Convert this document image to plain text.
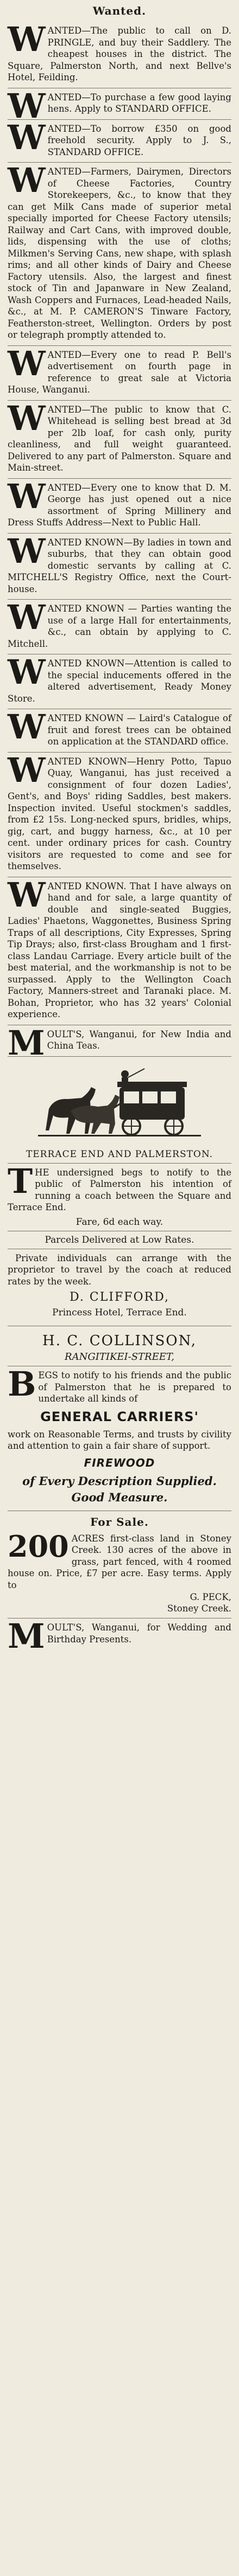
Wanted.

WANTED—The public to call on D. PRINGLE, and buy their Saddlery. The cheapest houses in the district. The Square, Palmerston North, and next Bellve's Hotel, Feilding.

WANTED—To purchase a few good laying hens. Apply to STANDARD OFFICE.

WANTED—To borrow £350 on good freehold security. Apply to J. S., STANDARD OFFICE.

WANTED—Farmers, Dairymen, Directors of Cheese Factories, Country Storekeepers, &c., to know that they can get Milk Cans made of superior metal specially imported for Cheese Factory utensils; Railway and Cart Cans, with improved double, lids, dispensing with the use of cloths; Milkmen's Serving Cans, new shape, with splash rims; and all other kinds of Dairy and Cheese Factory utensils. Also, the largest and finest stock of Tin and Japanware in New Zealand, Wash Coppers and Furnaces, Lead-headed Nails, &c., at M. P. CAMERON'S Tinware Factory, Featherston-street, Wellington. Orders by post or telegraph promptly attended to.

WANTED—Every one to read P. Bell's advertisement on fourth page in reference to great sale at Victoria House, Wanganui.

WANTED—The public to know that C. Whitehead is selling best bread at 3d per 2lb loaf, for cash only, purity cleanliness, and full weight guaranteed. Delivered to any part of Palmerston. Square and Main-street.

WANTED—Every one to know that D. M. George has just opened out a nice assortment of Spring Millinery and Dress Stuffs Address—Next to Public Hall.

WANTED KNOWN—By ladies in town and suburbs, that they can obtain good domestic servants by calling at C. MITCHELL'S Registry Office, next the Court-house.

WANTED KNOWN — Parties wanting the use of a large Hall for entertainments, &c., can obtain by applying to C. Mitchell.

WANTED KNOWN—Attention is called to the special inducements offered in the altered advertisement, Ready Money Store.

WANTED KNOWN — Laird's Catalogue of fruit and forest trees can be obtained on application at the STANDARD office.

WANTED KNOWN—Henry Potto, Tapuo Quay, Wanganui, has just received a consignment of four dozen Ladies', Gent's, and Boys' riding Saddles, best makers. Inspection invited. Useful stockmen's saddles, from £2 15s. Long-necked spurs, bridles, whips, gig, cart, and buggy harness, &c., at 10 per cent. under ordinary prices for cash. Country visitors are requested to come and see for themselves.

WANTED KNOWN. That I have always on hand and for sale, a large quantity of double and single-seated Buggies, Ladies' Phaetons, Waggonettes, Business Spring Traps of all descriptions, City Expresses, Spring Tip Drays; also, first-class Brougham and 1 first-class Landau Carriage. Every article built of the best material, and the workmanship is not to be surpassed. Apply to the Wellington Coach Factory, Manners-street and Taranaki place. M. Bohan, Proprietor, who has 32 years' Colonial experience.

MOULT'S, Wanganui, for New India and China Teas.

TERRACE END AND PALMERSTON.

THE undersigned begs to notify to the public of Palmerston his intention of running a coach between the Square and Terrace End.

Fare, 6d each way.
Parcels Delivered at Low Rates.

Private individuals can arrange with the proprietor to travel by the coach at reduced rates by the week.

D. CLIFFORD,
Princess Hotel, Terrace End.
H. C. COLLINSON,
RANGITIKEI-STREET,

BEGS to notify to his friends and the public of Palmerston that he is prepared to undertake all kinds of

GENERAL CARRIERS'

work on Reasonable Terms, and trusts by civility and attention to gain a fair share of support.

FIREWOOD
of Every Description Supplied.
Good Measure.
For Sale.

200 ACRES first-class land in Stoney Creek. 130 acres of the above in grass, part fenced, with 4 roomed house on. Price, £7 per acre. Easy terms. Apply to

G. PECK,
Stoney Creek.

MOULT'S, Wanganui, for Wedding and Birthday Presents.
